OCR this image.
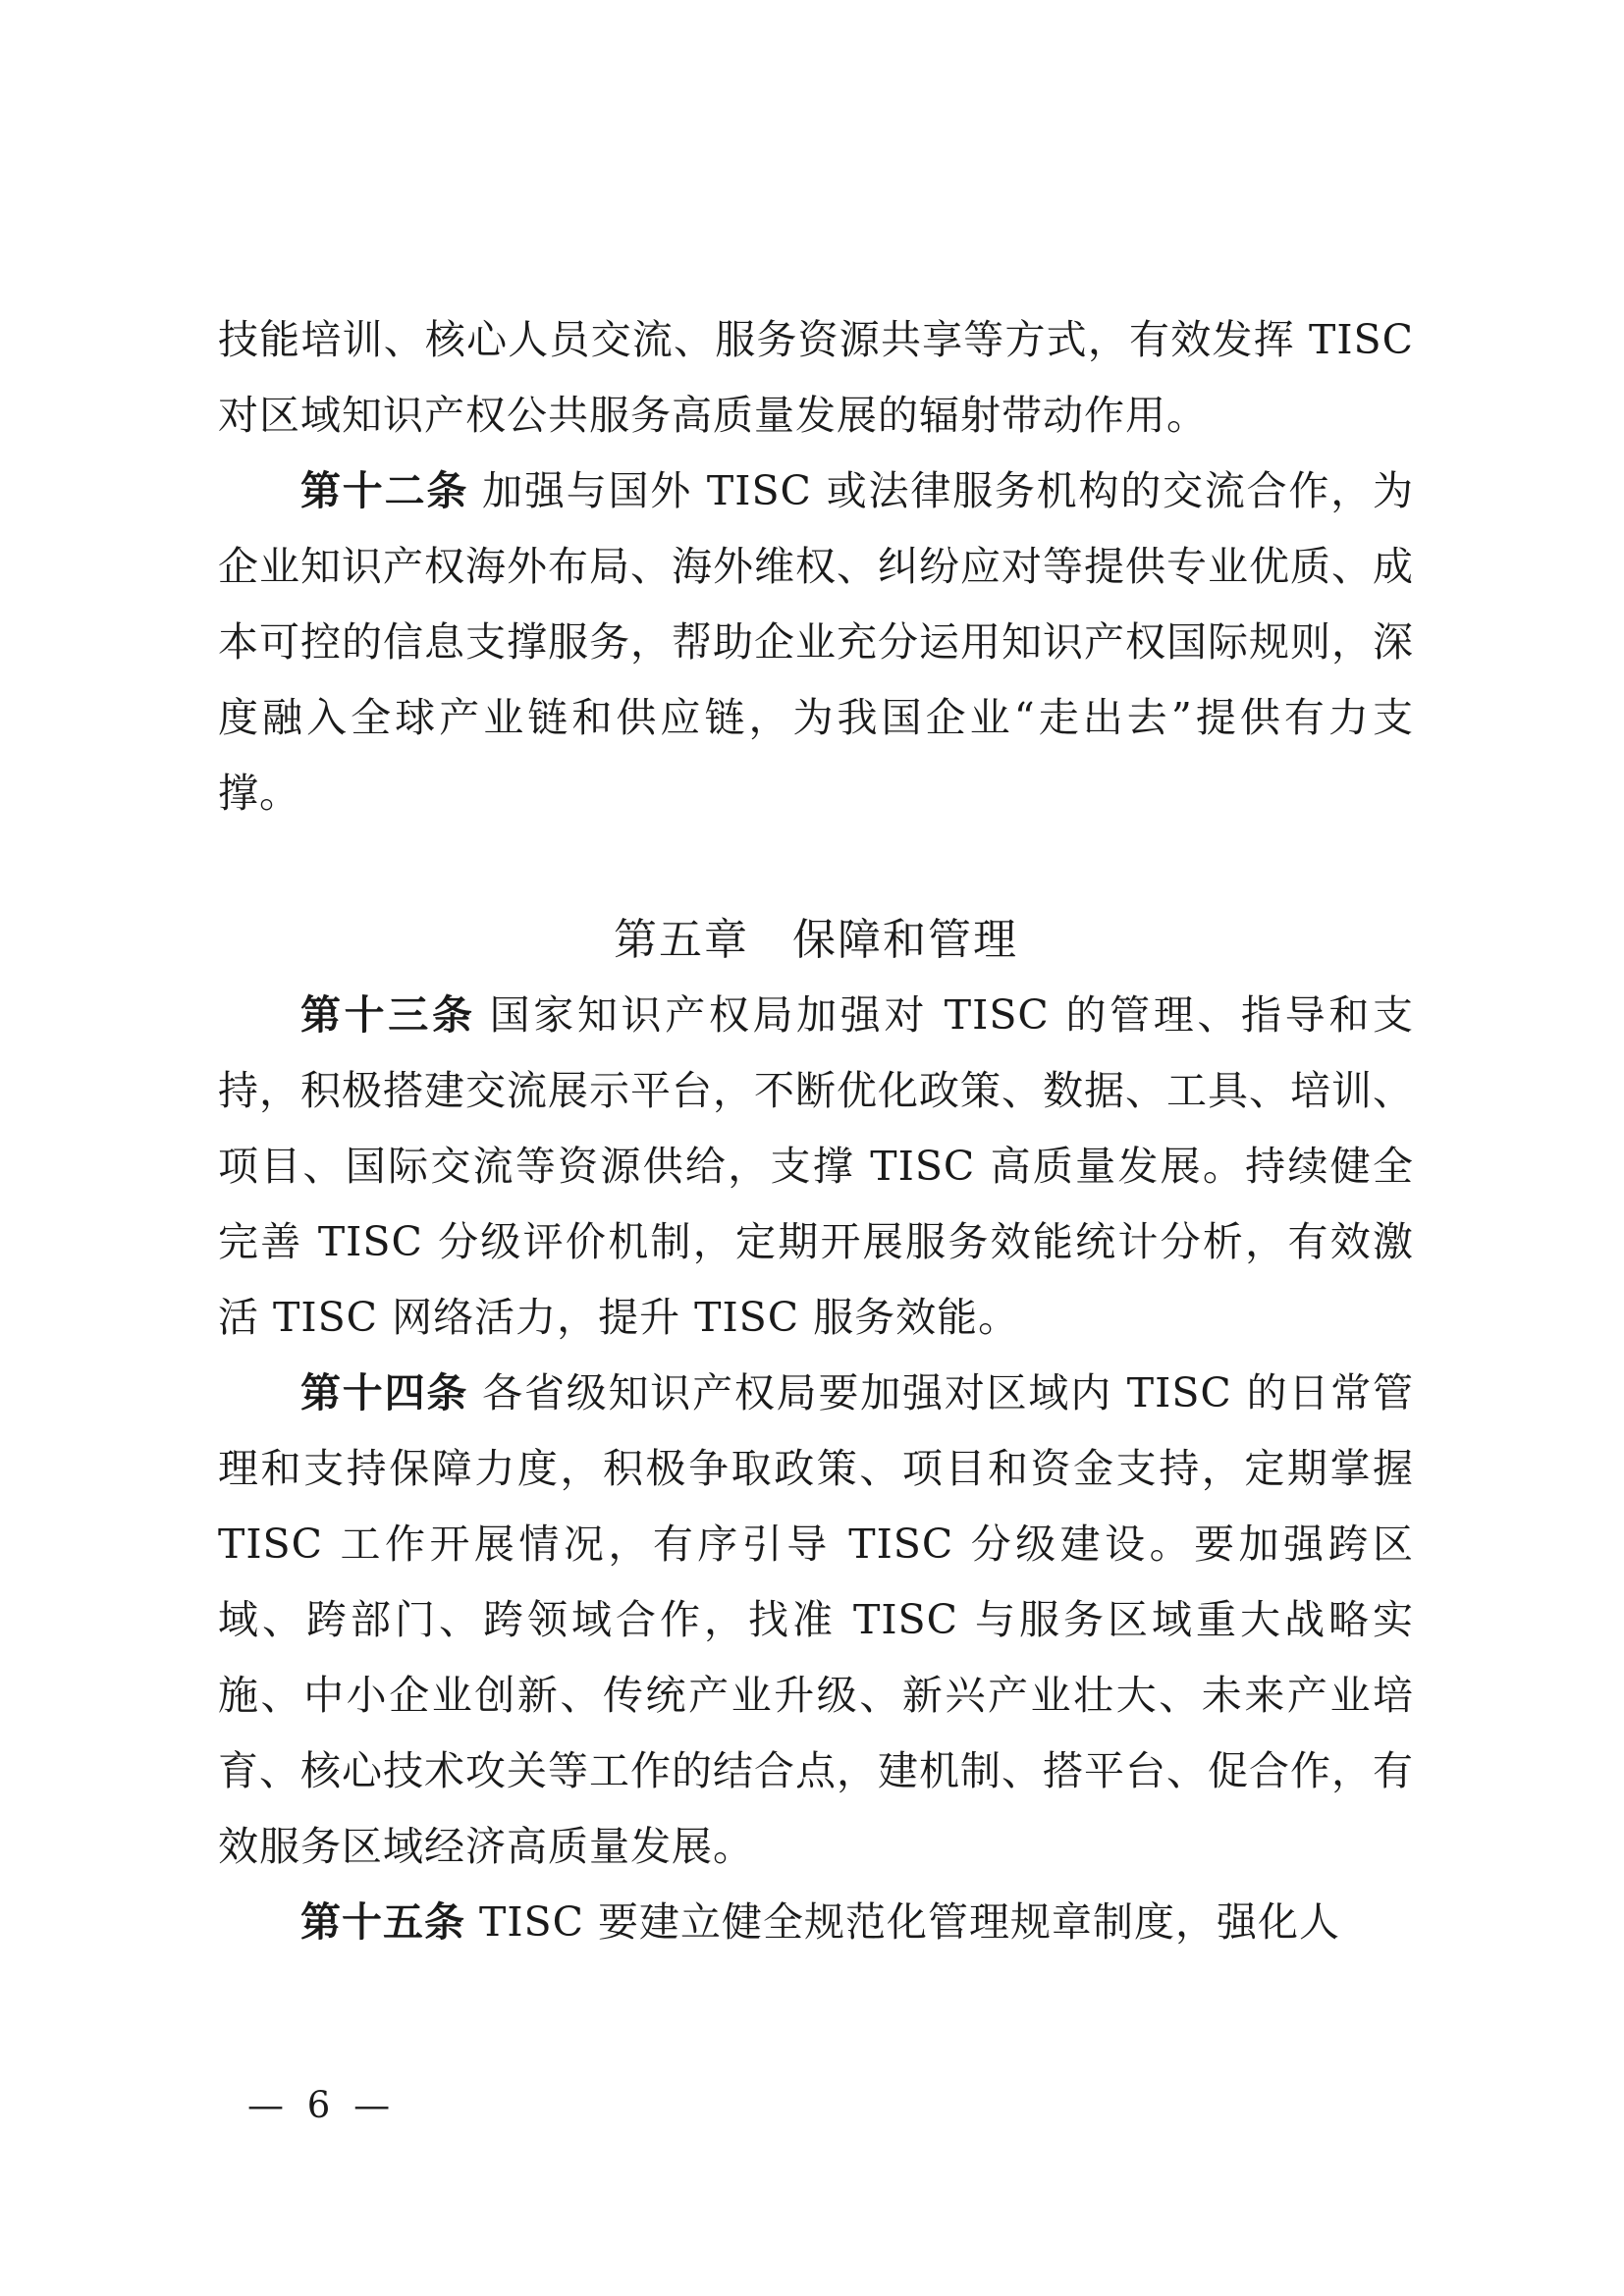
技能培训、核心人员交流、服务资源共享等方式，有效发挥 TISC 对区域知识产权公共服务高质量发展的辐射带动作用。

第十二条 加强与国外 TISC 或法律服务机构的交流合作，为企业知识产权海外布局、海外维权、纠纷应对等提供专业优质、成本可控的信息支撑服务，帮助企业充分运用知识产权国际规则，深度融入全球产业链和供应链，为我国企业“走出去”提供有力支撑。

第五章 保障和管理

第十三条 国家知识产权局加强对 TISC 的管理、指导和支持，积极搭建交流展示平台，不断优化政策、数据、工具、培训、项目、国际交流等资源供给，支撑 TISC 高质量发展。持续健全完善 TISC 分级评价机制，定期开展服务效能统计分析，有效激活 TISC 网络活力，提升 TISC 服务效能。

第十四条 各省级知识产权局要加强对区域内 TISC 的日常管理和支持保障力度，积极争取政策、项目和资金支持，定期掌握 TISC 工作开展情况，有序引导 TISC 分级建设。要加强跨区域、跨部门、跨领域合作，找准 TISC 与服务区域重大战略实施、中小企业创新、传统产业升级、新兴产业壮大、未来产业培育、核心技术攻关等工作的结合点，建机制、搭平台、促合作，有效服务区域经济高质量发展。

第十五条 TISC 要建立健全规范化管理规章制度，强化人

— 6 —
